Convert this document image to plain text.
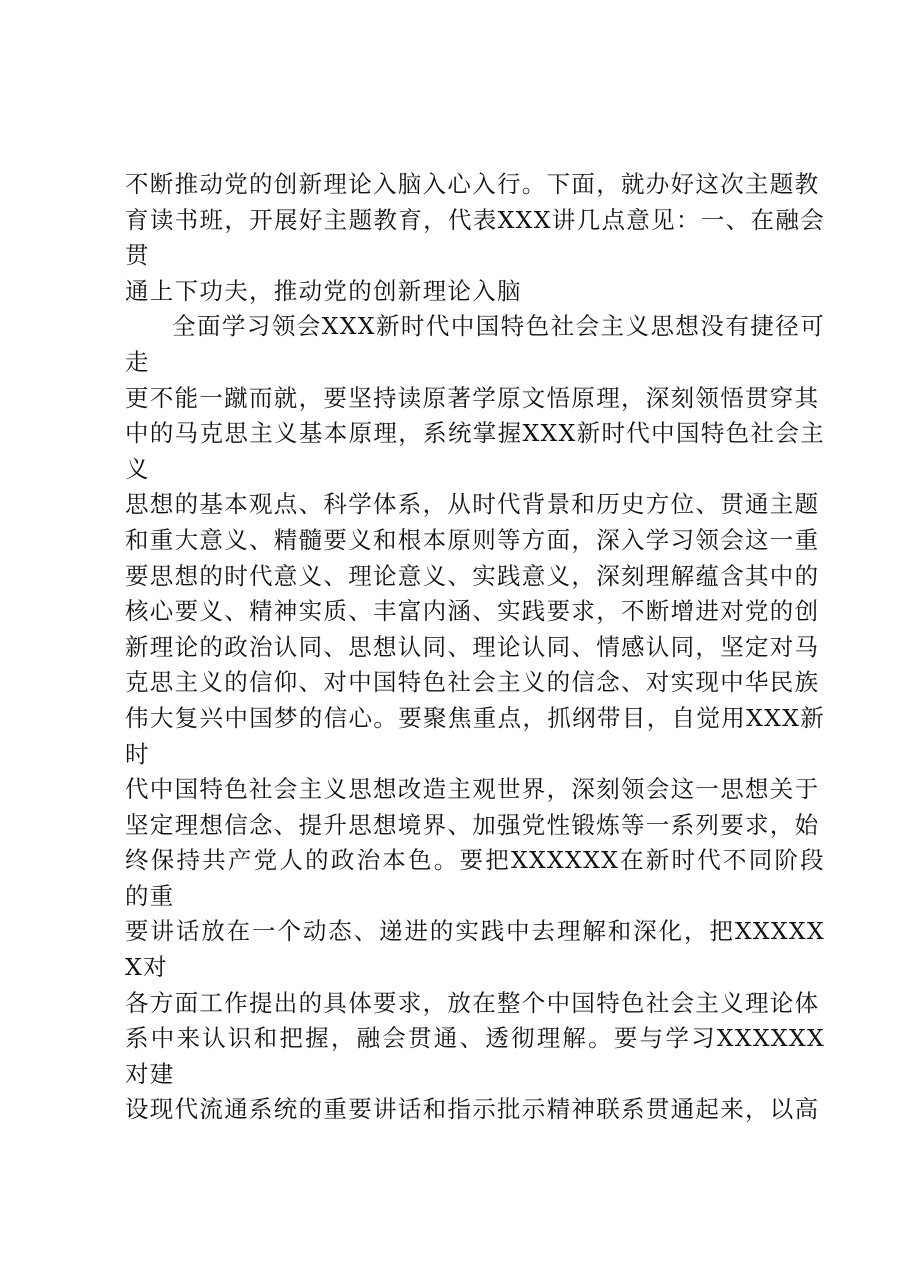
不断推动党的创新理论入脑入心入行。下面，就办好这次主题教
育读书班，开展好主题教育，代表XXX讲几点意见：一、在融会贯
通上下功夫，推动党的创新理论入脑

全面学习领会XXX新时代中国特色社会主义思想没有捷径可走
更不能一蹴而就，要坚持读原著学原文悟原理，深刻领悟贯穿其
中的马克思主义基本原理，系统掌握XXX新时代中国特色社会主义
思想的基本观点、科学体系，从时代背景和历史方位、贯通主题
和重大意义、精髓要义和根本原则等方面，深入学习领会这一重
要思想的时代意义、理论意义、实践意义，深刻理解蕴含其中的
核心要义、精神实质、丰富内涵、实践要求，不断增进对党的创
新理论的政治认同、思想认同、理论认同、情感认同，坚定对马
克思主义的信仰、对中国特色社会主义的信念、对实现中华民族
伟大复兴中国梦的信心。要聚焦重点，抓纲带目，自觉用XXX新时
代中国特色社会主义思想改造主观世界，深刻领会这一思想关于
坚定理想信念、提升思想境界、加强党性锻炼等一系列要求，始
终保持共产党人的政治本色。要把XXXXXX在新时代不同阶段的重
要讲话放在一个动态、递进的实践中去理解和深化，把XXXXXX对
各方面工作提出的具体要求，放在整个中国特色社会主义理论体
系中来认识和把握，融会贯通、透彻理解。要与学习XXXXXX对建
设现代流通系统的重要讲话和指示批示精神联系贯通起来，以高
